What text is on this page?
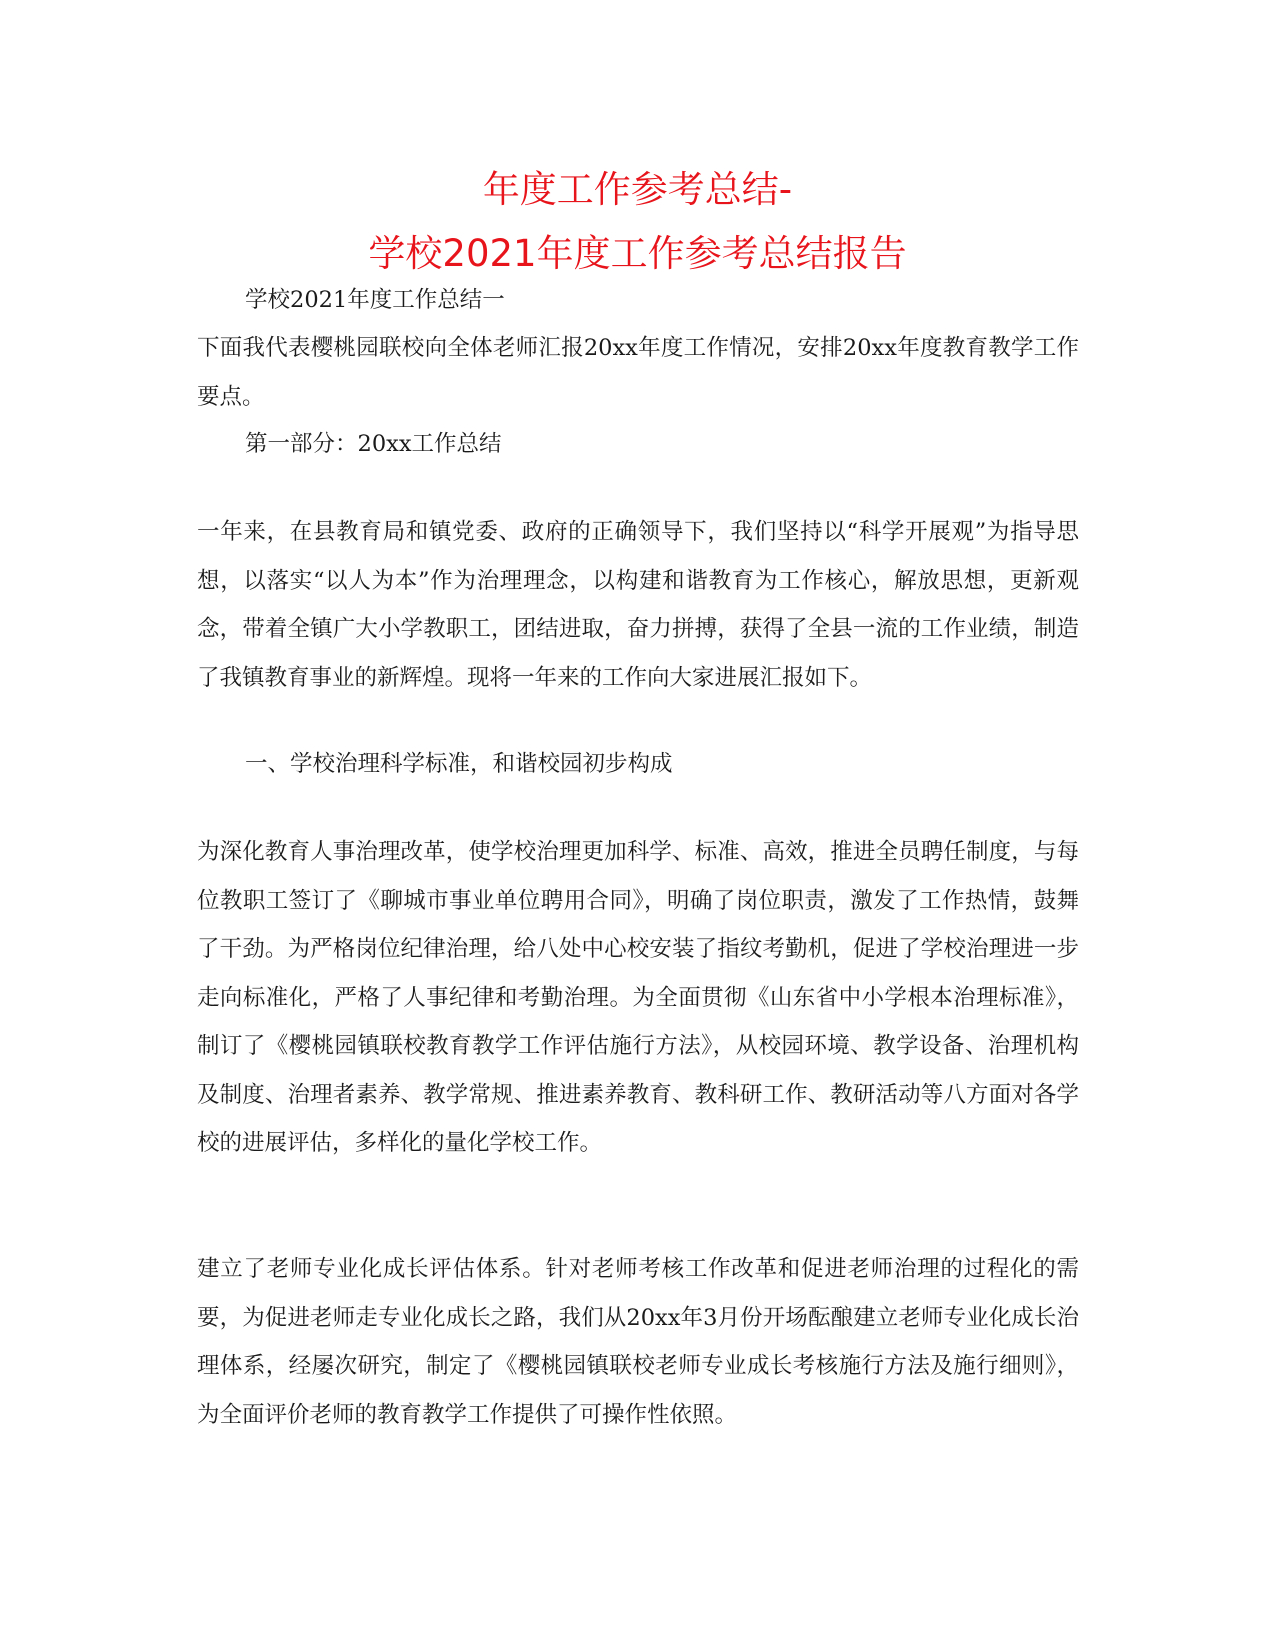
年度工作参考总结-
学校2021年度工作参考总结报告

学校2021年度工作总结一

下面我代表樱桃园联校向全体老师汇报20xx年度工作情况，安排20xx年度教育教学工作要点。

第一部分：20xx工作总结

一年来，在县教育局和镇党委、政府的正确领导下，我们坚持以“科学开展观”为指导思想，以落实“以人为本”作为治理理念，以构建和谐教育为工作核心，解放思想，更新观念，带着全镇广大小学教职工，团结进取，奋力拼搏，获得了全县一流的工作业绩，制造了我镇教育事业的新辉煌。现将一年来的工作向大家进展汇报如下。

一、学校治理科学标准，和谐校园初步构成

为深化教育人事治理改革，使学校治理更加科学、标准、高效，推进全员聘任制度，与每位教职工签订了《聊城市事业单位聘用合同》，明确了岗位职责，激发了工作热情，鼓舞了干劲。为严格岗位纪律治理，给八处中心校安装了指纹考勤机，促进了学校治理进一步走向标准化，严格了人事纪律和考勤治理。为全面贯彻《山东省中小学根本治理标准》，制订了《樱桃园镇联校教育教学工作评估施行方法》，从校园环境、教学设备、治理机构及制度、治理者素养、教学常规、推进素养教育、教科研工作、教研活动等八方面对各学校的进展评估，多样化的量化学校工作。

建立了老师专业化成长评估体系。针对老师考核工作改革和促进老师治理的过程化的需要，为促进老师走专业化成长之路，我们从20xx年3月份开场酝酿建立老师专业化成长治理体系，经屡次研究，制定了《樱桃园镇联校老师专业成长考核施行方法及施行细则》，为全面评价老师的教育教学工作提供了可操作性依照。
